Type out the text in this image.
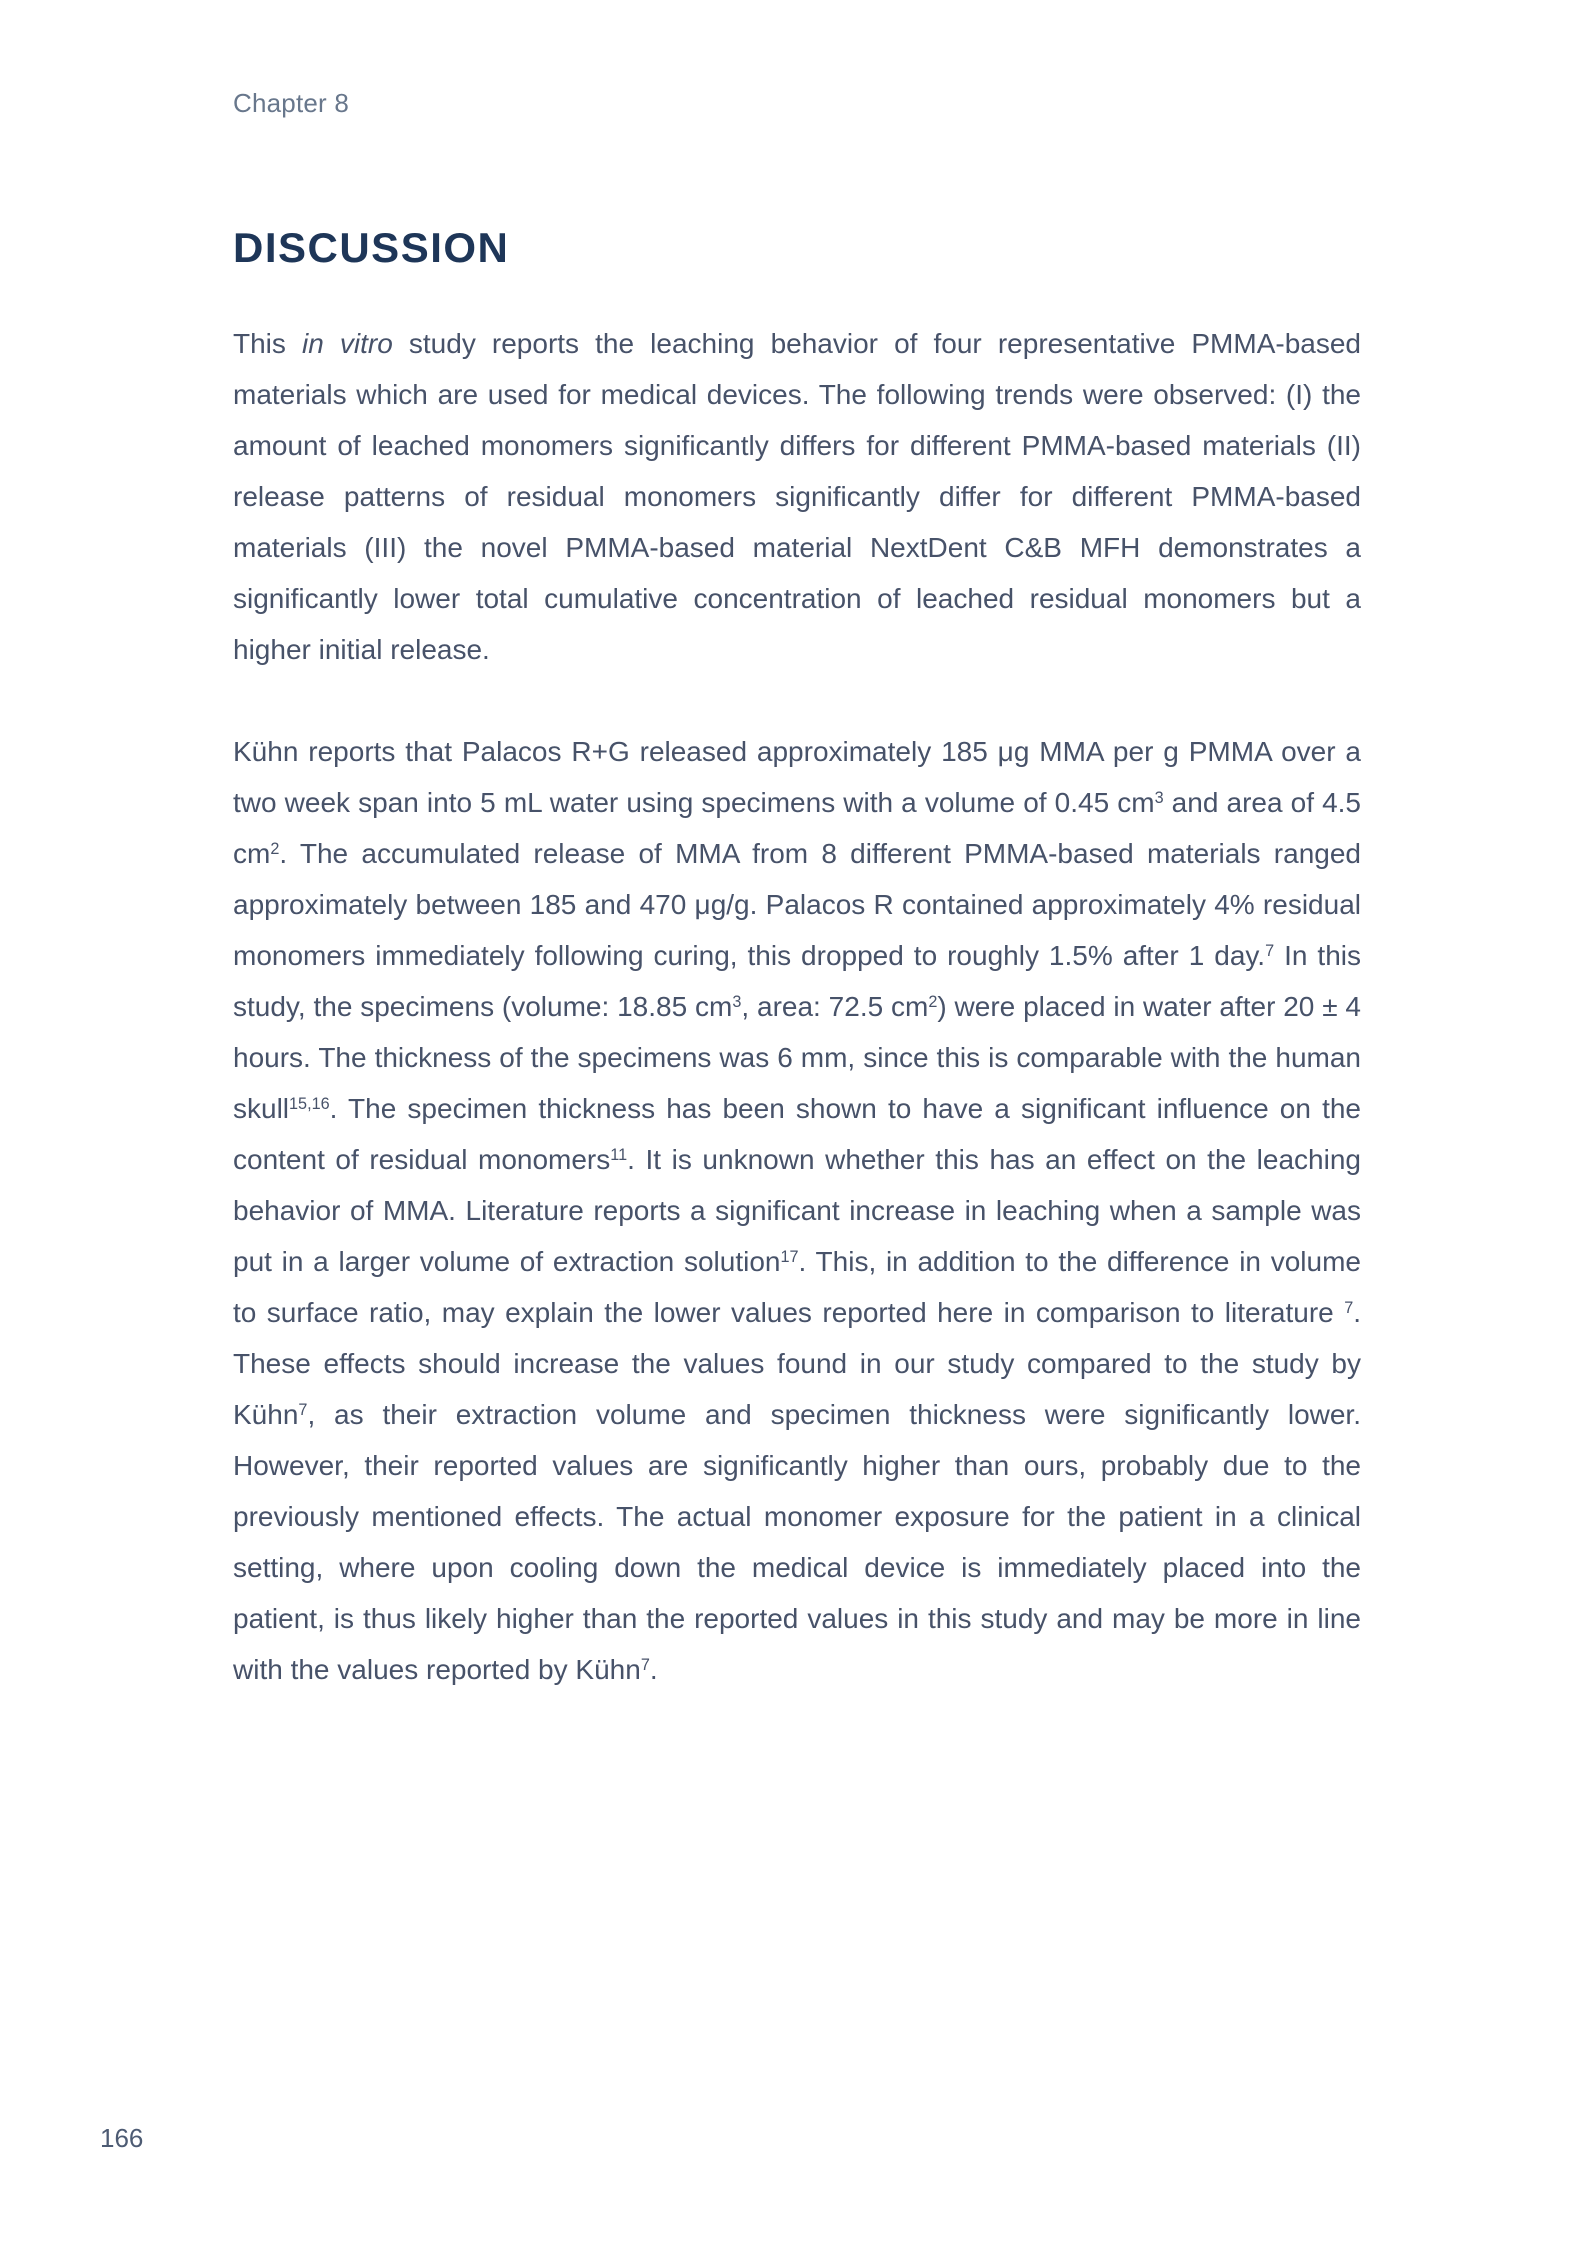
Chapter 8
DISCUSSION

This in vitro study reports the leaching behavior of four representative PMMA-based materials which are used for medical devices. The following trends were observed: (I) the amount of leached monomers significantly differs for different PMMA-based materials (II) release patterns of residual monomers significantly differ for different PMMA-based materials (III) the novel PMMA-based material NextDent C&B MFH demonstrates a significantly lower total cumulative concentration of leached residual monomers but a higher initial release.

Kühn reports that Palacos R+G released approximately 185 μg MMA per g PMMA over a two week span into 5 mL water using specimens with a volume of 0.45 $cm^3$ and area of 4.5 $cm^2$. The accumulated release of MMA from 8 different PMMA-based materials ranged approximately between 185 and 470 μg/g. Palacos R contained approximately 4% residual monomers immediately following curing, this dropped to roughly 1.5% after 1 day.$^7$ In this study, the specimens (volume: 18.85 $cm^3$, area: 72.5 $cm^2$) were placed in water after 20 ± 4 hours. The thickness of the specimens was 6 mm, since this is comparable with the human skull$^{15,16}$. The specimen thickness has been shown to have a significant influence on the content of residual monomers$^{11}$. It is unknown whether this has an effect on the leaching behavior of MMA. Literature reports a significant increase in leaching when a sample was put in a larger volume of extraction solution$^{17}$. This, in addition to the difference in volume to surface ratio, may explain the lower values reported here in comparison to literature $^7$. These effects should increase the values found in our study compared to the study by Kühn$^7$, as their extraction volume and specimen thickness were significantly lower. However, their reported values are significantly higher than ours, probably due to the previously mentioned effects. The actual monomer exposure for the patient in a clinical setting, where upon cooling down the medical device is immediately placed into the patient, is thus likely higher than the reported values in this study and may be more in line with the values reported by Kühn$^7$.

166
